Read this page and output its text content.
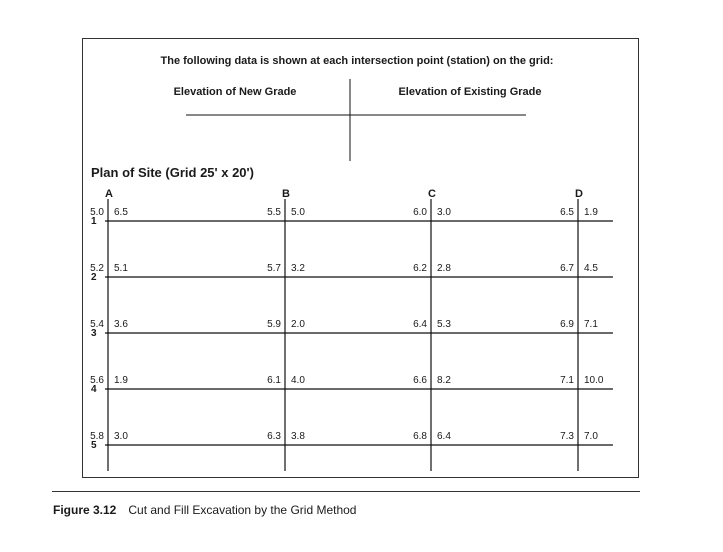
The following data is shown at each intersection point (station) on the grid:
Elevation of New Grade	Elevation of Existing Grade
Plan of Site (Grid 25' x 20')
A	B	C	D
1
2
3
4
5
5.0 6.5	5.5 5.0	6.0 3.0	6.5 1.9
5.2 5.1	5.7 3.2	6.2 2.8	6.7 4.5
5.4 3.6	5.9 2.0	6.4 5.3	6.9 7.1
5.6 1.9	6.1 4.0	6.6 8.2	7.1 10.0
5.8 3.0	6.3 3.8	6.8 6.4	7.3 7.0
Figure 3.12 Cut and Fill Excavation by the Grid Method
